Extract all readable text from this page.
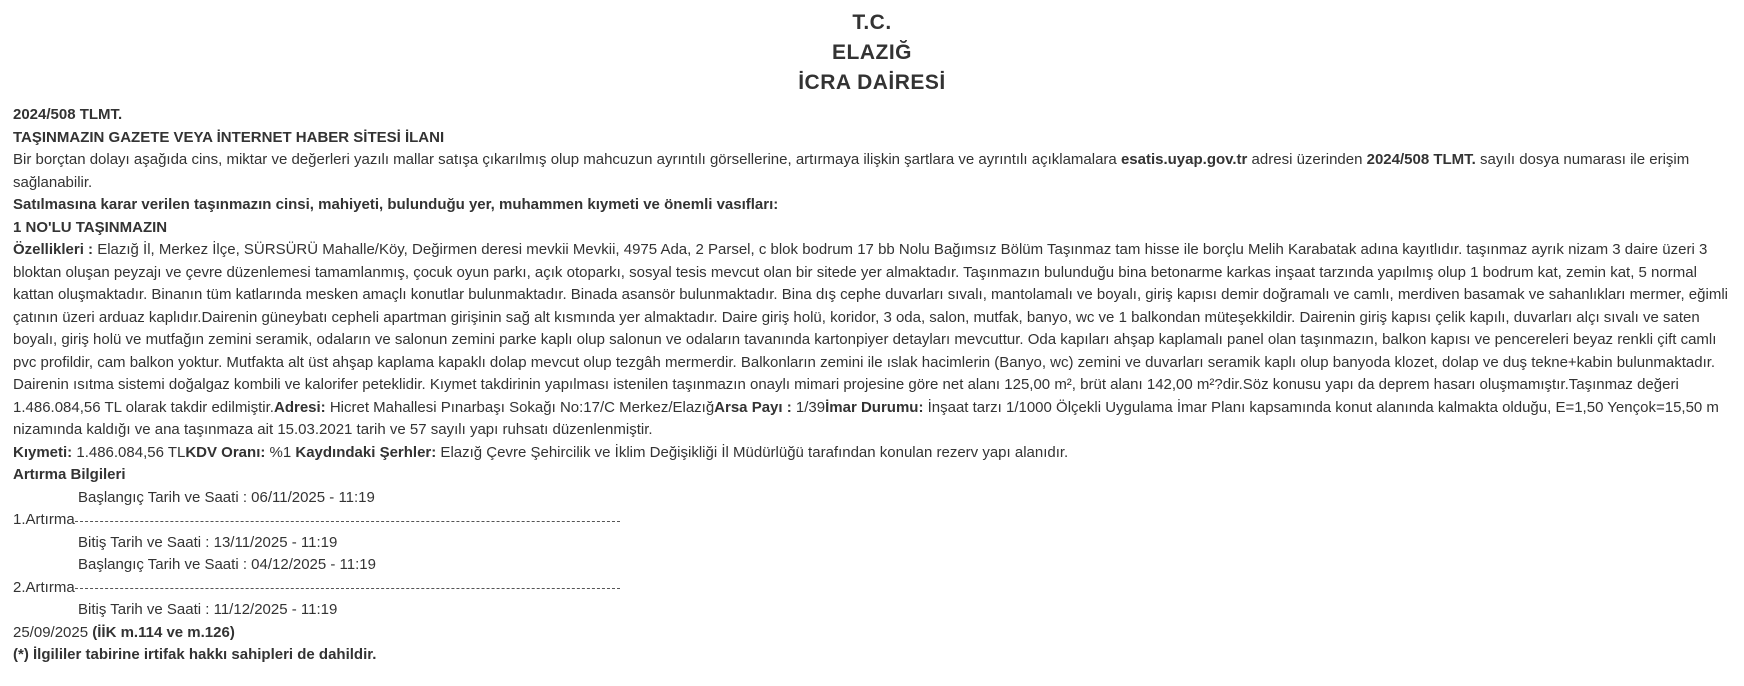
T.C.
ELAZIĞ
İCRA DAİRESİ

2024/508 TLMT.

TAŞINMAZIN GAZETE VEYA İNTERNET HABER SİTESİ İLANI

Bir borçtan dolayı aşağıda cins, miktar ve değerleri yazılı mallar satışa çıkarılmış olup mahcuzun ayrıntılı görsellerine, artırmaya ilişkin şartlara ve ayrıntılı açıklamalara esatis.uyap.gov.tr adresi üzerinden 2024/508 TLMT. sayılı dosya numarası ile erişim sağlanabilir.

Satılmasına karar verilen taşınmazın cinsi, mahiyeti, bulunduğu yer, muhammen kıymeti ve önemli vasıfları:

1 NO'LU TAŞINMAZIN

Özellikleri : Elazığ İl, Merkez İlçe, SÜRSÜRÜ Mahalle/Köy, Değirmen deresi mevkii Mevkii, 4975 Ada, 2 Parsel, c blok bodrum 17 bb Nolu Bağımsız Bölüm Taşınmaz tam hisse ile borçlu Melih Karabatak adına kayıtlıdır. taşınmaz ayrık nizam 3 daire üzeri 3 bloktan oluşan peyzajı ve çevre düzenlemesi tamamlanmış, çocuk oyun parkı, açık otoparkı, sosyal tesis mevcut olan bir sitede yer almaktadır. Taşınmazın bulunduğu bina betonarme karkas inşaat tarzında yapılmış olup 1 bodrum kat, zemin kat, 5 normal kattan oluşmaktadır. Binanın tüm katlarında mesken amaçlı konutlar bulunmaktadır. Binada asansör bulunmaktadır. Bina dış cephe duvarları sıvalı, mantolamalı ve boyalı, giriş kapısı demir doğramalı ve camlı, merdiven basamak ve sahanlıkları mermer, eğimli çatının üzeri arduaz kaplıdır.Dairenin güneybatı cepheli apartman girişinin sağ alt kısmında yer almaktadır. Daire giriş holü, koridor, 3 oda, salon, mutfak, banyo, wc ve 1 balkondan müteşekkildir. Dairenin giriş kapısı çelik kapılı, duvarları alçı sıvalı ve saten boyalı, giriş holü ve mutfağın zemini seramik, odaların ve salonun zemini parke kaplı olup salonun ve odaların tavanında kartonpiyer detayları mevcuttur. Oda kapıları ahşap kaplamalı panel olan taşınmazın, balkon kapısı ve pencereleri beyaz renkli çift camlı pvc profildir, cam balkon yoktur. Mutfakta alt üst ahşap kaplama kapaklı dolap mevcut olup tezgâh mermerdir. Balkonların zemini ile ıslak hacimlerin (Banyo, wc) zemini ve duvarları seramik kaplı olup banyoda klozet, dolap ve duş tekne+kabin bulunmaktadır. Dairenin ısıtma sistemi doğalgaz kombili ve kalorifer peteklidir. Kıymet takdirinin yapılması istenilen taşınmazın onaylı mimari projesine göre net alanı 125,00 m², brüt alanı 142,00 m²?dir.Söz konusu yapı da deprem hasarı oluşmamıştır.Taşınmaz değeri 1.486.084,56 TL olarak takdir edilmiştir.Adresi: Hicret Mahallesi Pınarbaşı Sokağı No:17/C Merkez/ElazığArsa Payı : 1/39İmar Durumu: İnşaat tarzı 1/1000 Ölçekli Uygulama İmar Planı kapsamında konut alanında kalmakta olduğu, E=1,50 Yençok=15,50 m nizamında kaldığı ve ana taşınmaza ait 15.03.2021 tarih ve 57 sayılı yapı ruhsatı düzenlenmiştir.

Kıymeti: 1.486.084,56 TLKDV Oranı: %1 Kaydındaki Şerhler: Elazığ Çevre Şehircilik ve İklim Değişikliği İl Müdürlüğü tarafından konulan rezerv yapı alanıdır.

Artırma Bilgileri

Başlangıç Tarih ve Saati : 06/11/2025 - 11:19

1.Artırma

Bitiş Tarih ve Saati : 13/11/2025 - 11:19

Başlangıç Tarih ve Saati : 04/12/2025 - 11:19

2.Artırma

Bitiş Tarih ve Saati : 11/12/2025 - 11:19

25/09/2025 (İİK m.114 ve m.126)

(*) İlgililer tabirine irtifak hakkı sahipleri de dahildir.
